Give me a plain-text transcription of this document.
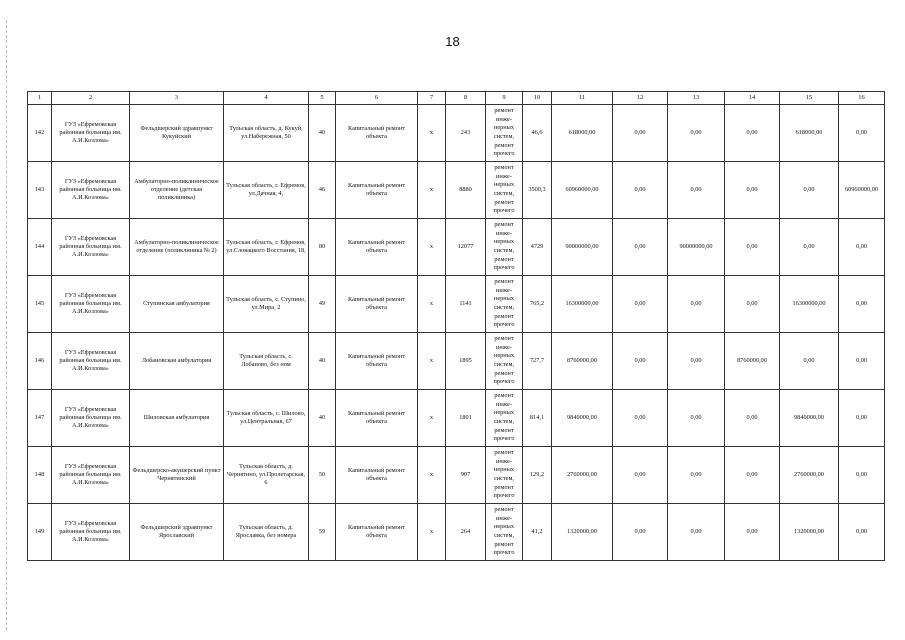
18
1	2	3	4	5	6	7	8	9	10	11	12	13	14	15	16
142	ГУЗ «Ефремовская районная больница им. А.И.Козлова»	Фельдшерский здравпункт Кукуйский	Тульская область, д. Кукуй, ул.Набережная, 50	40	Капитальный ремонт объекта	x	243	ремонт инже-нерных систем, ремонт прочего	46,6	618000,00	0,00	0,00	0,00	618000,00	0,00
143	ГУЗ «Ефремовская районная больница им. А.И.Козлова»	Амбулаторно-поликлиническое отделение (детская поликлиника)	Тульская область, г. Ефремов, ул.Дачная, 4,	46	Капитальный ремонт объекта	x	8880	ремонт инже-нерных систем, ремонт прочего	3500,3	60960000,00	0,00	0,00	0,00	0,00	60960000,00
144	ГУЗ «Ефремовская районная больница им. А.И.Козлова»	Амбулаторно-поликлиническое отделение (поликлиника № 2)	Тульская область, г. Ефремов, ул.Словацкого Восстания, 18,	80	Капитальный ремонт объекта	x	12077	ремонт инже-нерных систем, ремонт прочего	4729	90000000,00	0,00	90000000,00	0,00	0,00	0,00
145	ГУЗ «Ефремовская районная больница им. А.И.Козлова»	Ступинская амбулатория	Тульская область, с. Ступино, ул.Мира, 2	49	Капитальный ремонт объекта	x	1141	ремонт инже-нерных систем, ремонт прочего	765,2	16300000,00	0,00	0,00	0,00	16300000,00	0,00
146	ГУЗ «Ефремовская районная больница им. А.И.Козлова»	Лобановская амбулатория	Тульская область, с. Лобаново, без ном	40	Капитальный ремонт объекта	x	1895	ремонт инже-нерных систем, ремонт прочего	727,7	8760000,00	0,00	0,00	8760000,00	0,00	0,00
147	ГУЗ «Ефремовская районная больница им. А.И.Козлова»	Шиловская амбулатория	Тульская область, с. Шилово, ул.Центральная, 67	40	Капитальный ремонт объекта	x	1801	ремонт инже-нерных систем, ремонт прочего	814,1	9840000,00	0,00	0,00	0,00	9840000,00	0,00
148	ГУЗ «Ефремовская районная больница им. А.И.Козлова»	Фельдшерско-акушерский пункт Чернятинский	Тульская область, д. Чернятино, ул.Пролетарская, 6	50	Капитальный ремонт объекта	x	907	ремонт инже-нерных систем, ремонт прочего	129,2	2760000,00	0,00	0,00	0,00	2760000,00	0,00
149	ГУЗ «Ефремовская районная больница им. А.И.Козлова»	Фельдшерский здравпункт Ярославский	Тульская область, д. Ярославка, без номера	59	Капитальный ремонт объекта	x	264	ремонт инже-нерных систем, ремонт прочего	41,2	1320000,00	0,00	0,00	0,00	1320000,00	0,00
